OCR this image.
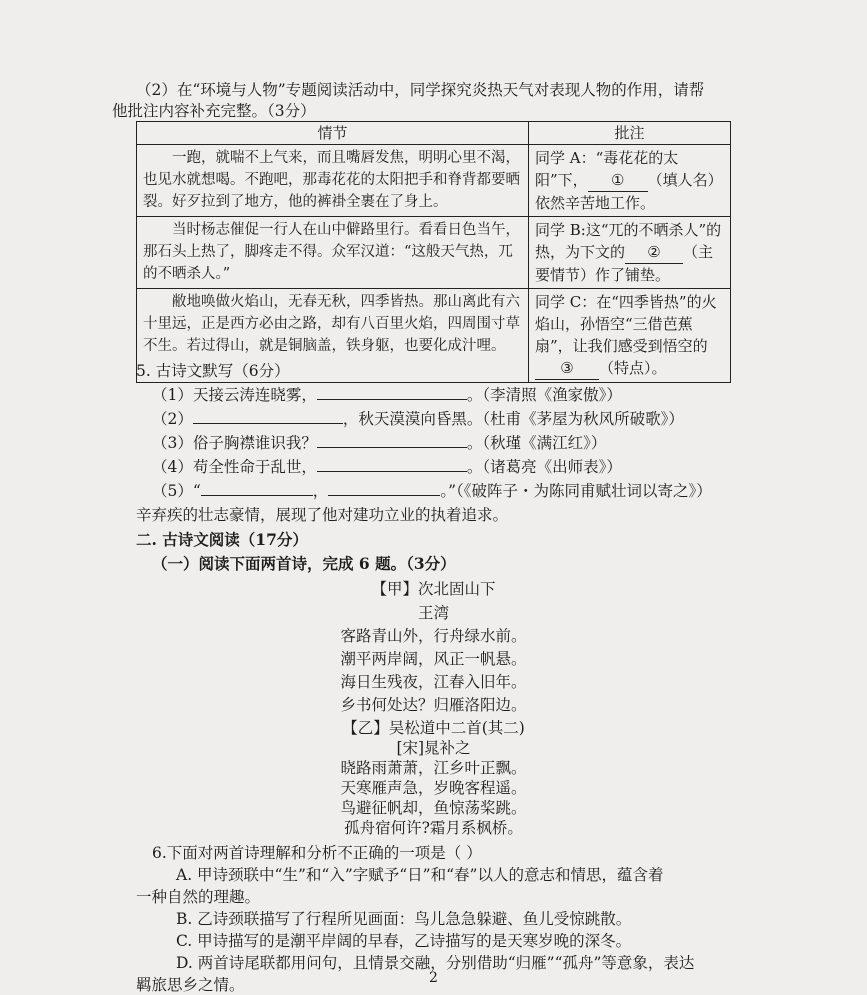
（2）在“环境与人物”专题阅读活动中，同学探究炎热天气对表现人物的作用，请帮
他批注内容补充完整。（3分）
情节	批注
一跑，就喘不上气来，而且嘴唇发焦，明明心里不渴，也见水就想喝。不跑吧，那毒花花的太阳把手和脊背都要晒裂。好歹拉到了地方，他的裤褂全裹在了身上。	同学 A：“毒花花的太阳”下， ① （填人名）依然辛苦地工作。
当时杨志催促一行人在山中僻路里行。看看日色当午，那石头上热了，脚疼走不得。众军汉道：“这般天气热，兀的不晒杀人。”	同学 B:这“兀的不晒杀人”的热，为下文的 ② （主要情节）作了铺垫。
敝地唤做火焰山，无春无秋，四季皆热。那山离此有六十里远，正是西方必由之路，却有八百里火焰，四周围寸草不生。若过得山，就是铜脑盖，铁身躯，也要化成汁哩。	同学 C：在“四季皆热”的火焰山，孙悟空“三借芭蕉扇”，让我们感受到悟空的③ （特点）。
5. 古诗文默写（6分）
（1）天接云涛连晓雾，	。（李清照《渔家傲》）
（2）	，秋天漠漠向昏黑。（杜甫《茅屋为秋风所破歌》）
（3）俗子胸襟谁识我？	。（秋瑾《满江红》）
（4）苟全性命于乱世，	。（诸葛亮《出师表》）
（5）“	，	。”（《破阵子・为陈同甫赋壮词以寄之》）
辛弃疾的壮志豪情，展现了他对建功立业的执着追求。
二. 古诗文阅读（17分）
（一）阅读下面两首诗，完成 6 题。（3分）
【甲】次北固山下
王湾
客路青山外，行舟绿水前。
潮平两岸阔，风正一帆悬。
海日生残夜，江春入旧年。
乡书何处达？归雁洛阳边。
【乙】吴松道中二首(其二)
[宋]晁补之
晓路雨萧萧，江乡叶正飘。
天寒雁声急，岁晚客程遥。
鸟避征帆却，鱼惊荡桨跳。
孤舟宿何许?霜月系枫桥。
6.下面对两首诗理解和分析不正确的一项是（ ）
A. 甲诗颈联中“生”和“入”字赋予“日”和“春”以人的意志和情思，蕴含着
一种自然的理趣。
B. 乙诗颈联描写了行程所见画面：鸟儿急急躲避、鱼儿受惊跳散。
C. 甲诗描写的是潮平岸阔的早春，乙诗描写的是天寒岁晚的深冬。
D. 两首诗尾联都用问句，且情景交融，分别借助“归雁”“孤舟”等意象，表达
羁旅思乡之情。	2
